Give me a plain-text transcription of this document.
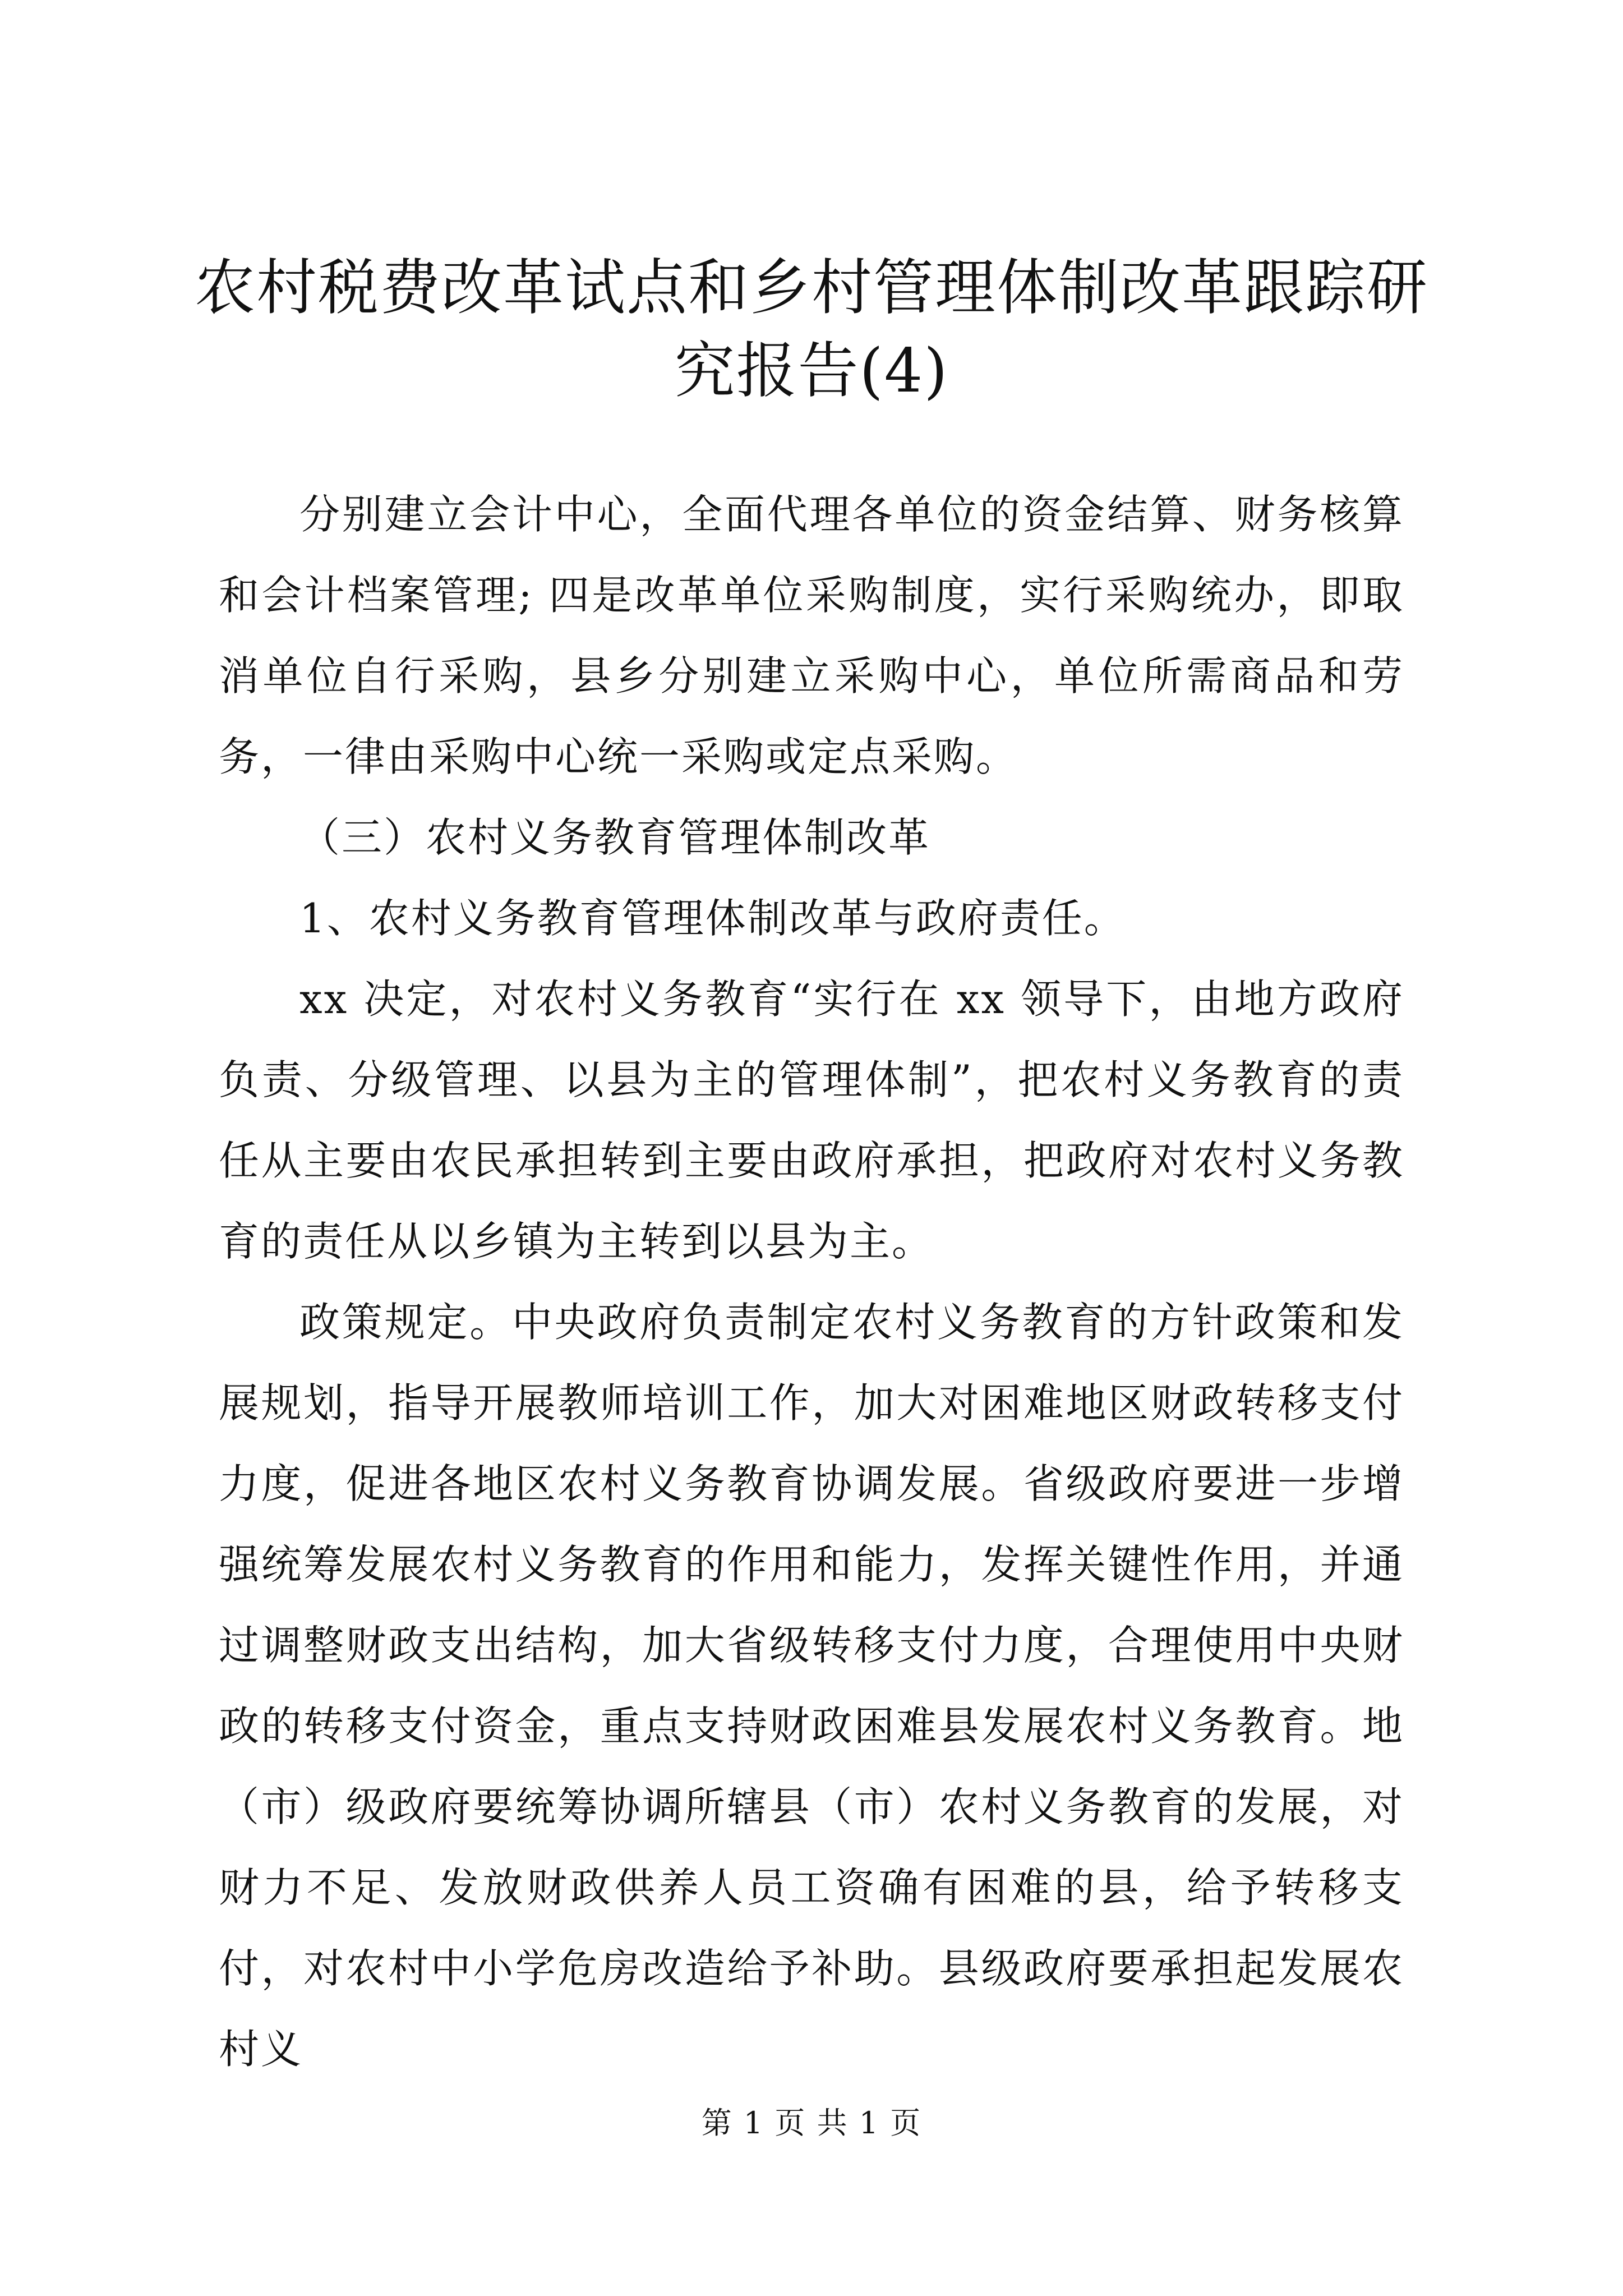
农村税费改革试点和乡村管理体制改革跟踪研究报告(4)

分别建立会计中心，全面代理各单位的资金结算、财务核算和会计档案管理; 四是改革单位采购制度，实行采购统办，即取消单位自行采购，县乡分别建立采购中心，单位所需商品和劳务，一律由采购中心统一采购或定点采购。

（三）农村义务教育管理体制改革

1、农村义务教育管理体制改革与政府责任。

xx 决定，对农村义务教育“实行在 xx 领导下，由地方政府负责、分级管理、以县为主的管理体制”，把农村义务教育的责任从主要由农民承担转到主要由政府承担，把政府对农村义务教育的责任从以乡镇为主转到以县为主。

政策规定。中央政府负责制定农村义务教育的方针政策和发展规划，指导开展教师培训工作，加大对困难地区财政转移支付力度，促进各地区农村义务教育协调发展。省级政府要进一步增强统筹发展农村义务教育的作用和能力，发挥关键性作用，并通过调整财政支出结构，加大省级转移支付力度，合理使用中央财政的转移支付资金，重点支持财政困难县发展农村义务教育。地（市）级政府要统筹协调所辖县（市）农村义务教育的发展，对财力不足、发放财政供养人员工资确有困难的县，给予转移支付，对农村中小学危房改造给予补助。县级政府要承担起发展农村义

第 1 页 共 1 页
